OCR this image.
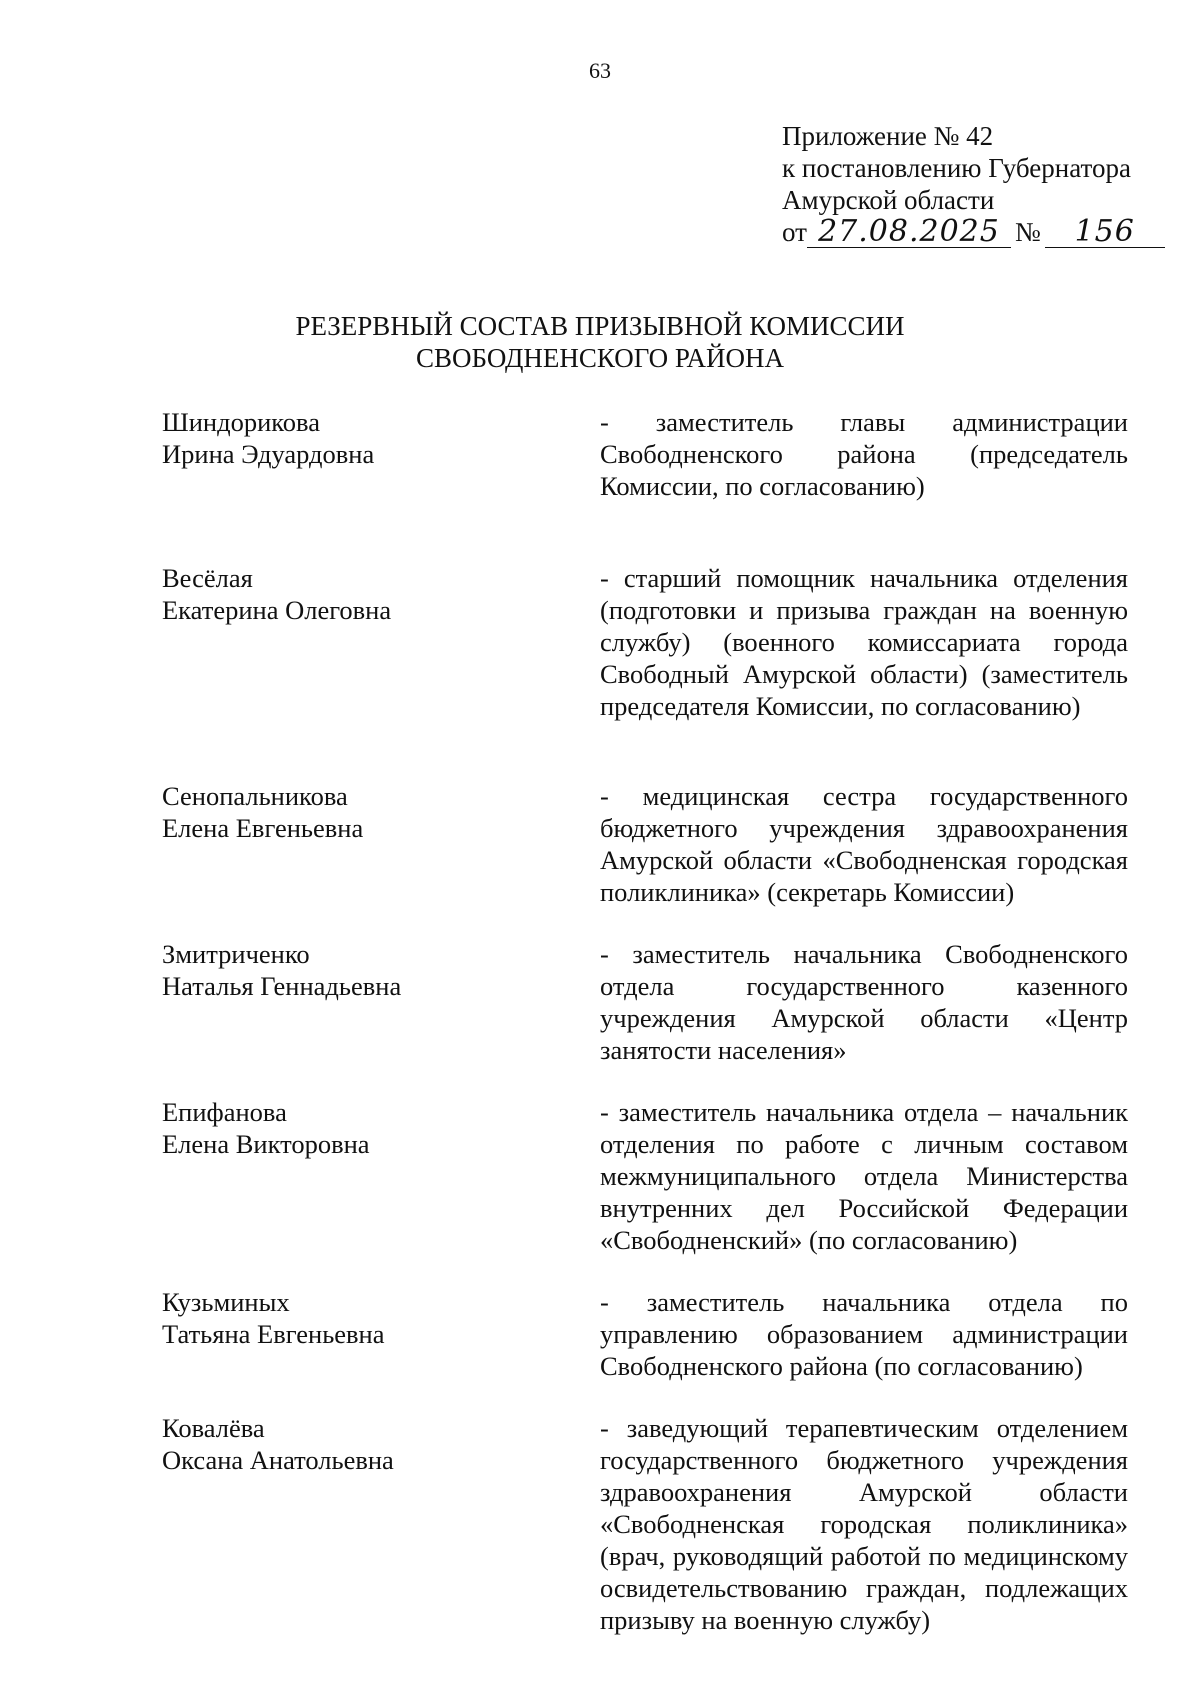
63
Приложение № 42
к постановлению Губернатора
Амурской области
от 27.08.2025 №	156
РЕЗЕРВНЫЙ СОСТАВ ПРИЗЫВНОЙ КОМИССИИ
СВОБОДНЕНСКОГО РАЙОНА
Шиндорикова
Ирина Эдуардовна
- заместитель главы администрации Свободненского района (председатель Комиссии, по согласованию)
Весёлая
Екатерина Олеговна
- старший помощник начальника отделения (подготовки и призыва граждан на военную службу) (военного комиссариата города Свободный Амурской области) (заместитель председателя Комиссии, по согласованию)
Сенопальникова
Елена Евгеньевна
- медицинская сестра государственного бюджетного учреждения здравоохранения Амурской области «Свободненская городская поликлиника» (секретарь Комиссии)
Змитриченко
Наталья Геннадьевна
- заместитель начальника Свободненского отдела государственного казенного учреждения Амурской области «Центр занятости населения»
Епифанова
Елена Викторовна
- заместитель начальника отдела – начальник отделения по работе с личным составом межмуниципального отдела Министерства внутренних дел Российской Федерации «Свободненский» (по согласованию)
Кузьминых
Татьяна Евгеньевна
- заместитель начальника отдела по управлению образованием администрации Свободненского района (по согласованию)
Ковалёва
Оксана Анатольевна
- заведующий терапевтическим отделением государственного бюджетного учреждения здравоохранения Амурской области «Свободненская городская поликлиника» (врач, руководящий работой по медицинскому освидетельствованию граждан, подлежащих призыву на военную службу)
